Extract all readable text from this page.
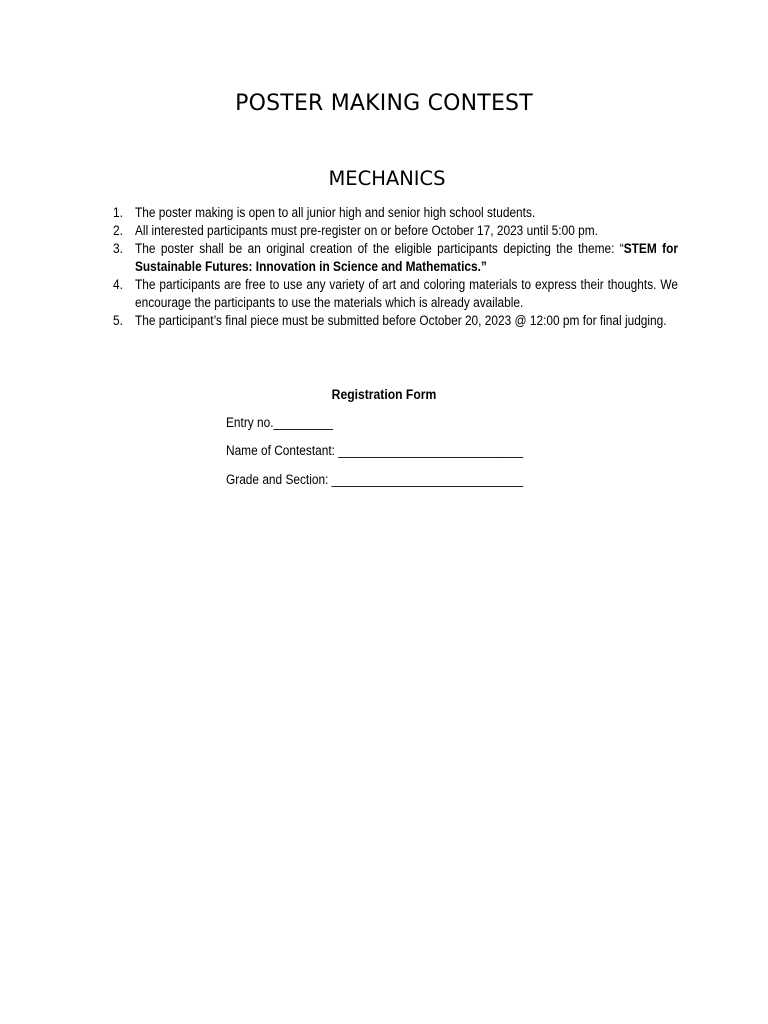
POSTER MAKING CONTEST
MECHANICS
1. The poster making is open to all junior high and senior high school students.
2. All interested participants must pre-register on or before October 17, 2023 until 5:00 pm.
3. The poster shall be an original creation of the eligible participants depicting the theme: “STEM for Sustainable Futures: Innovation in Science and Mathematics.”
4. The participants are free to use any variety of art and coloring materials to express their thoughts. We encourage the participants to use the materials which is already available.
5. The participant’s final piece must be submitted before October 20, 2023 @ 12:00 pm for final judging.
Registration Form
Entry no._________
Name of Contestant: ____________________________
Grade and Section: _____________________________
